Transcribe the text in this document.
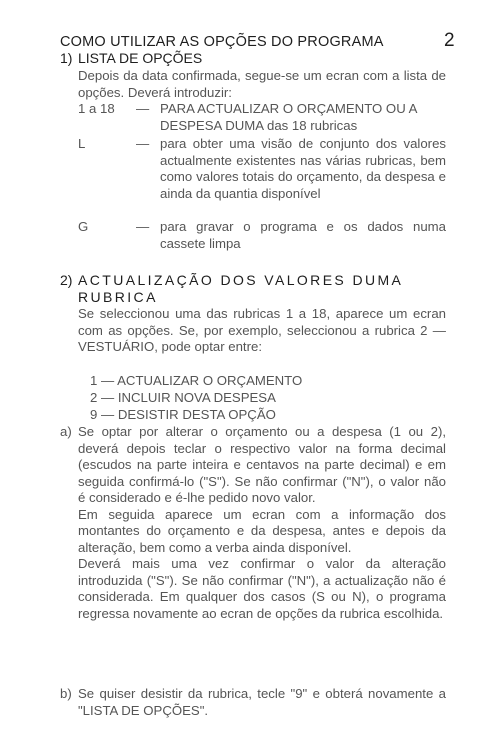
2
COMO UTILIZAR AS OPÇÕES DO PROGRAMA
1) LISTA DE OPÇÕES

Depois da data confirmada, segue-se um ecran com a lista de opções. Deverá introduzir:

1 a 18 — PARA ACTUALIZAR O ORÇAMENTO OU A DESPESA DUMA das 18 rubricas
L	— para obter uma visão de conjunto dos valores actualmente existentes nas várias rubricas, bem como valores totais do orçamento, da despesa e ainda da quantia disponível
G	— para gravar o programa e os dados numa cassete limpa
2) ACTUALIZAÇÃO DOS VALORES DUMA RUBRICA

Se seleccionou uma das rubricas 1 a 18, aparece um ecran com as opções. Se, por exemplo, seleccionou a rubrica 2 — VESTUÁRIO, pode optar entre:

1 — ACTUALIZAR O ORÇAMENTO
2 — INCLUIR NOVA DESPESA
9 — DESISTIR DESTA OPÇÃO
a) Se optar por alterar o orçamento ou a despesa (1 ou 2), deverá depois teclar o respectivo valor na forma decimal (escudos na parte inteira e centavos na parte decimal) e em seguida confirmá-lo ("S"). Se não confirmar ("N"), o valor não é considerado e é-lhe pedido novo valor.

Em seguida aparece um ecran com a informação dos montantes do orçamento e da despesa, antes e depois da alteração, bem como a verba ainda disponível.

Deverá mais uma vez confirmar o valor da alteração introduzida ("S"). Se não confirmar ("N"), a actualização não é considerada. Em qualquer dos casos (S ou N), o programa regressa novamente ao ecran de opções da rubrica escolhida.

b) Se quiser desistir da rubrica, tecle "9" e obterá novamente a "LISTA DE OPÇÕES".
